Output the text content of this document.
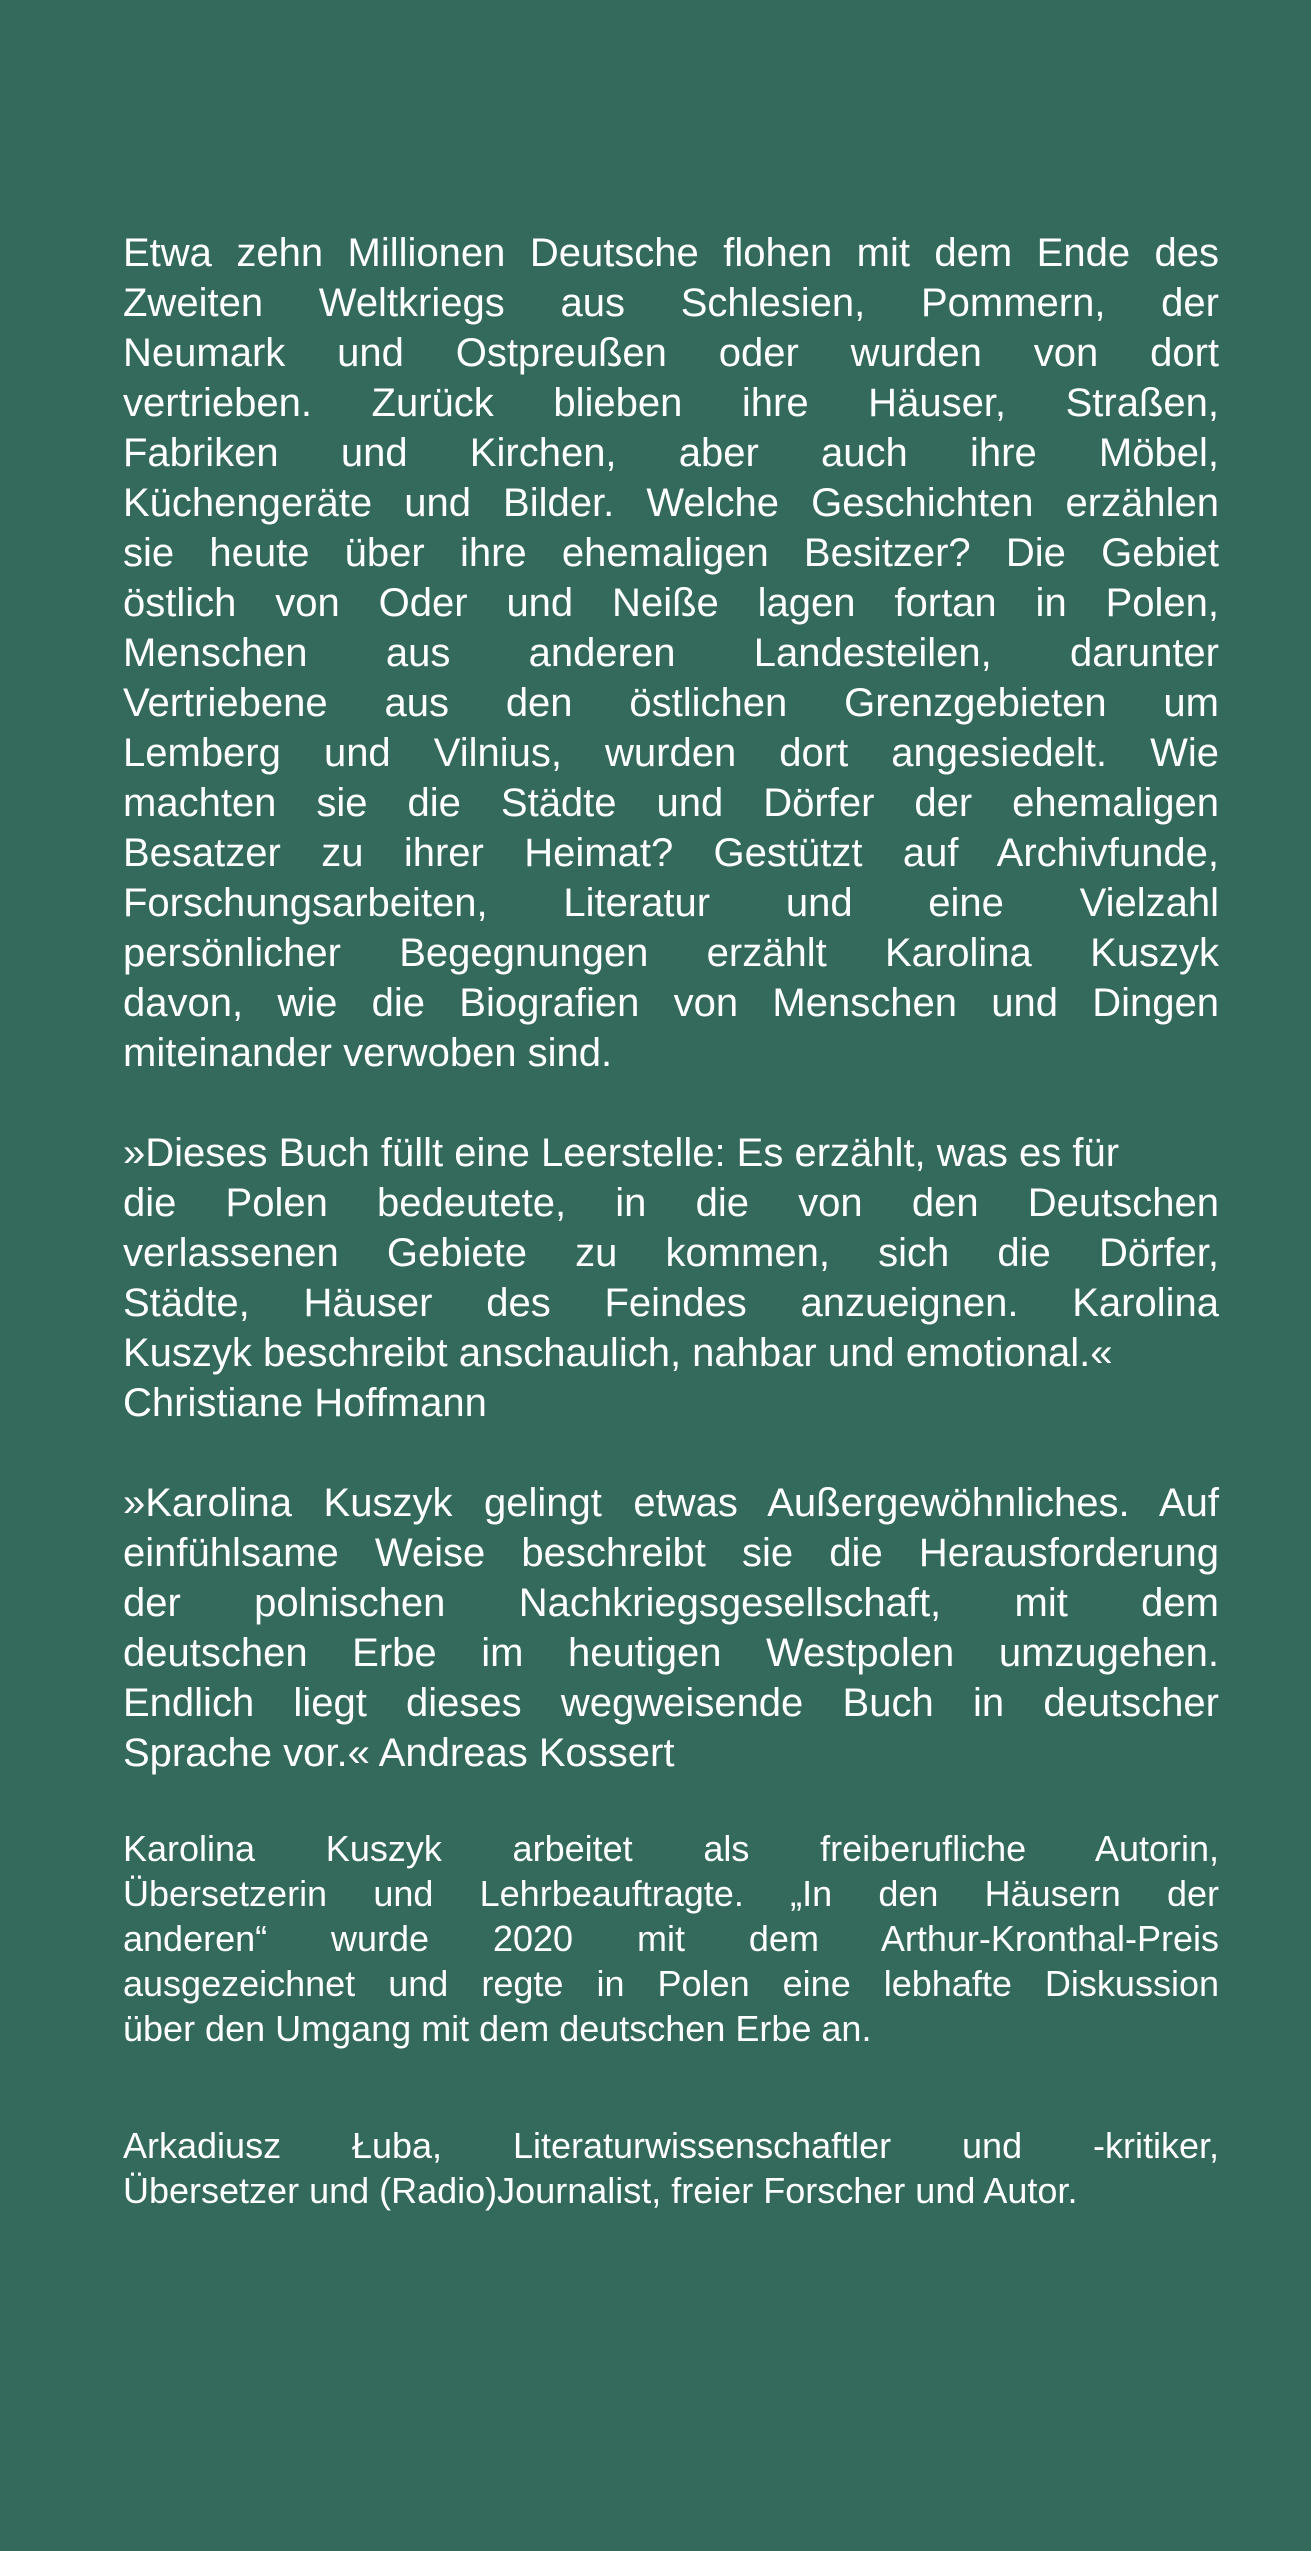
Etwa zehn Millionen Deutsche flohen mit dem Ende des
Zweiten Weltkriegs aus Schlesien, Pommern, der
Neumark und Ostpreußen oder wurden von dort
vertrieben. Zurück blieben ihre Häuser, Straßen,
Fabriken und Kirchen, aber auch ihre Möbel,
Küchengeräte und Bilder. Welche Geschichten erzählen
sie heute über ihre ehemaligen Besitzer? Die Gebiet
östlich von Oder und Neiße lagen fortan in Polen,
Menschen aus anderen Landesteilen, darunter
Vertriebene aus den östlichen Grenzgebieten um
Lemberg und Vilnius, wurden dort angesiedelt. Wie
machten sie die Städte und Dörfer der ehemaligen
Besatzer zu ihrer Heimat? Gestützt auf Archivfunde,
Forschungsarbeiten, Literatur und eine Vielzahl
persönlicher Begegnungen erzählt Karolina Kuszyk
davon, wie die Biografien von Menschen und Dingen
miteinander verwoben sind.

»Dieses Buch füllt eine Leerstelle: Es erzählt, was es für
die Polen bedeutete, in die von den Deutschen
verlassenen Gebiete zu kommen, sich die Dörfer,
Städte, Häuser des Feindes anzueignen. Karolina
Kuszyk beschreibt anschaulich, nahbar und emotional.«
Christiane Hoffmann

»Karolina Kuszyk gelingt etwas Außergewöhnliches. Auf
einfühlsame Weise beschreibt sie die Herausforderung
der polnischen Nachkriegsgesellschaft, mit dem
deutschen Erbe im heutigen Westpolen umzugehen.
Endlich liegt dieses wegweisende Buch in deutscher
Sprache vor.« Andreas Kossert

Karolina Kuszyk arbeitet als freiberufliche Autorin,
Übersetzerin und Lehrbeauftragte. „In den Häusern der
anderen“ wurde 2020 mit dem Arthur-Kronthal-Preis
ausgezeichnet und regte in Polen eine lebhafte Diskussion
über den Umgang mit dem deutschen Erbe an.

Arkadiusz Łuba, Literaturwissenschaftler und -kritiker,
Übersetzer und (Radio)Journalist, freier Forscher und Autor.
